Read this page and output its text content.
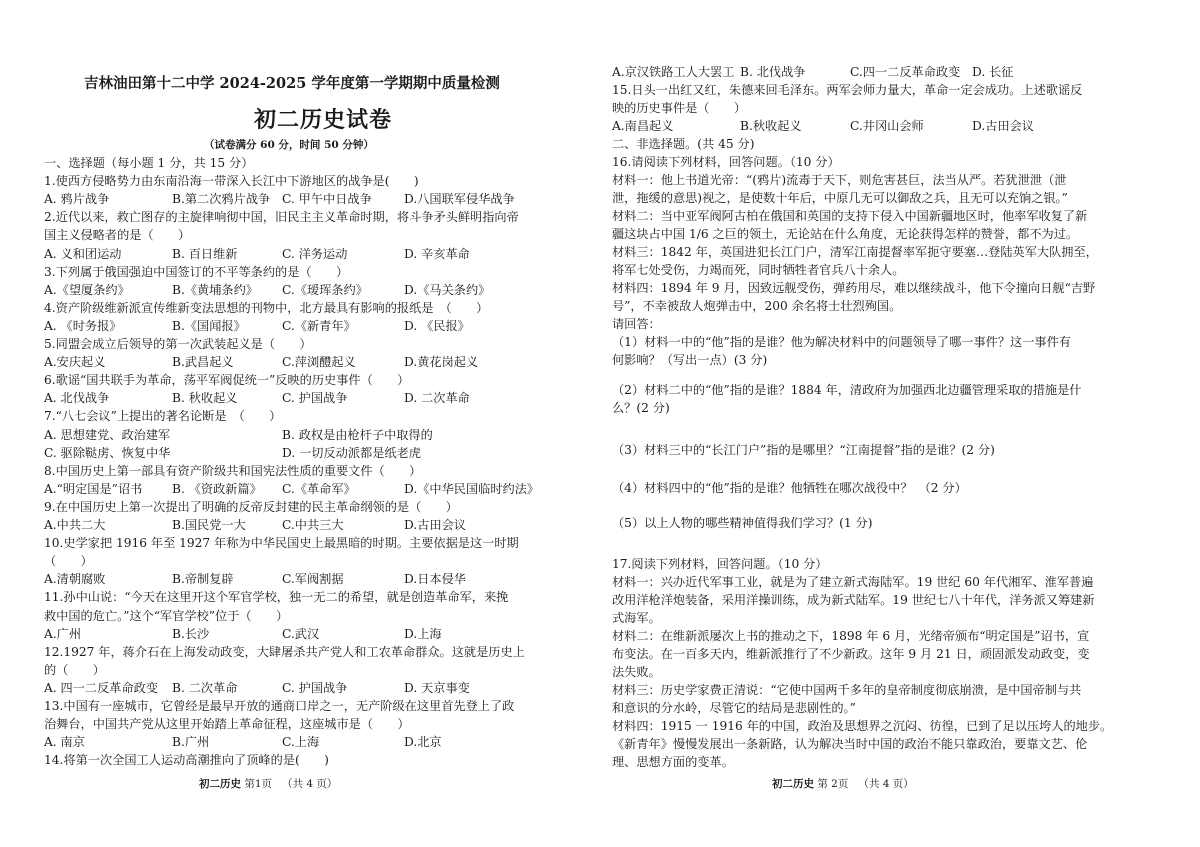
吉林油田第十二中学 2024-2025 学年度第一学期期中质量检测
初二历史试卷
（试卷满分 60 分，时间 50 分钟）
一、选择题（每小题 1 分，共 15 分）
1.使西方侵略势力由东南沿海一带深入长江中下游地区的战争是(　　)
A. 鸦片战争	B.第二次鸦片战争 C. 甲午中日战争	D.八国联军侵华战争
2.近代以来，救亡图存的主旋律响彻中国，旧民主主义革命时期，将斗争矛头鲜明指向帝
国主义侵略者的是（　　）
A. 义和团运动	B. 百日维新	C. 洋务运动	D. 辛亥革命
3.下列属于俄国强迫中国签订的不平等条约的是（　　）
A.《望厦条约》	B.《黄埔条约》 C.《瑷珲条约》	D.《马关条约》
4.资产阶级维新派宣传维新变法思想的刊物中，北方最具有影响的报纸是　（　　）
A. 《时务报》	B.《国闻报》	C.《新青年》	D. 《民报》
5.同盟会成立后领导的第一次武装起义是（　　）
A.安庆起义	B.武昌起义	C.萍浏醴起义	D.黄花岗起义
6.歌谣“国共联手为革命，荡平军阀促统一”反映的历史事件（　　）
A. 北伐战争	B. 秋收起义	C. 护国战争	D. 二次革命
7.“八七会议”上提出的著名论断是　（　　）
A. 思想建党、政治建军	B. 政权是由枪杆子中取得的
C. 驱除鞑虏、恢复中华	D. 一切反动派都是纸老虎
8.中国历史上第一部具有资产阶级共和国宪法性质的重要文件（　　）
A.“明定国是”诏书 B. 《资政新篇》 C.《革命军》	D.《中华民国临时约法》
9.在中国历史上第一次提出了明确的反帝反封建的民主革命纲领的是（　　）
A.中共二大	B.国民党一大	C.中共三大	D.古田会议
10.史学家把 1916 年至 1927 年称为中华民国史上最黑暗的时期。主要依据是这一时期
（　　）
A.清朝腐败	B.帝制复辟	C.军阀割据	D.日本侵华
11.孙中山说：“今天在这里开这个军官学校，独一无二的希望，就是创造革命军，来挽
救中国的危亡。”这个“军官学校”位于（　　）
A.广州	B.长沙	C.武汉	D.上海
12.1927 年，蒋介石在上海发动政变，大肆屠杀共产党人和工农革命群众。这就是历史上
的（　　）
A. 四一二反革命政变 B. 二次革命	C. 护国战争	D. 天京事变
13.中国有一座城市，它曾经是最早开放的通商口岸之一，无产阶级在这里首先登上了政
治舞台，中国共产党从这里开始踏上革命征程，这座城市是（　　）
A. 南京	B.广州	C.上海	D.北京
14.将第一次全国工人运动高潮推向了顶峰的是(　　)
初二历史 第1页 （共 4 页）
A.京汉铁路工人大罢工 B. 北伐战争	C.四一二反革命政变 D. 长征
15.日头一出红又红，朱德来回毛泽东。两军会师力量大，革命一定会成功。上述歌谣反
映的历史事件是（　　）
A.南昌起义	B.秋收起义	C.井冈山会师	D.古田会议
二、非选择题。(共 45 分)
16.请阅读下列材料，回答问题。（10 分）
材料一：他上书道光帝：“(鸦片)流毒于天下，则危害甚巨，法当从严。若犹泄泄（泄
泄，拖缓的意思)视之，是使数十年后，中原几无可以御敌之兵，且无可以充饷之银。”
材料二：当中亚军阀阿古柏在俄国和英国的支持下侵入中国新疆地区时，他率军收复了新
疆这块占中国 1/6 之巨的领土，无论站在什么角度，无论获得怎样的赞誉，都不为过。
材料三：1842 年，英国进犯长江门户，清军江南提督率军扼守要塞…登陆英军大队拥至，
将军七处受伤，力竭而死，同时牺牲者官兵八十余人。
材料四：1894 年 9 月，因致远舰受伤，弹药用尽，难以继续战斗，他下令撞向日舰“吉野
号”，不幸被敌人炮弹击中，200 余名将士壮烈殉国。
请回答：
（1）材料一中的“他”指的是谁？他为解决材料中的问题领导了哪一事件？这一事件有
何影响？（写出一点）(3 分)
（2）材料二中的“他”指的是谁？1884 年，清政府为加强西北边疆管理采取的措施是什
么？(2 分)
（3）材料三中的“长江门户”指的是哪里？“江南提督”指的是谁？(2 分)
（4）材料四中的“他”指的是谁？他牺牲在哪次战役中？　（2 分）
（5）以上人物的哪些精神值得我们学习？(1 分)
17.阅读下列材料，回答问题。（10 分）
材料一：兴办近代军事工业，就是为了建立新式海陆军。19 世纪 60 年代湘军、淮军普遍
改用洋枪洋炮装备，采用洋操训练，成为新式陆军。19 世纪七八十年代，洋务派又筹建新
式海军。
材料二：在维新派屡次上书的推动之下，1898 年 6 月，光绪帝颁布“明定国是”诏书，宣
布变法。在一百多天内，维新派推行了不少新政。这年 9 月 21 日，顽固派发动政变，变
法失败。
材料三：历史学家费正清说：“它使中国两千多年的皇帝制度彻底崩溃，是中国帝制与共
和意识的分水岭，尽管它的结局是悲剧性的。”
材料四：1915 一 1916 年的中国，政治及思想界之沉闷、彷徨，已到了足以压垮人的地步。
《新青年》慢慢发展出一条新路，认为解决当时中国的政治不能只靠政治，要靠文艺、伦
理、思想方面的变革。
初二历史 第 2页 （共 4 页）
